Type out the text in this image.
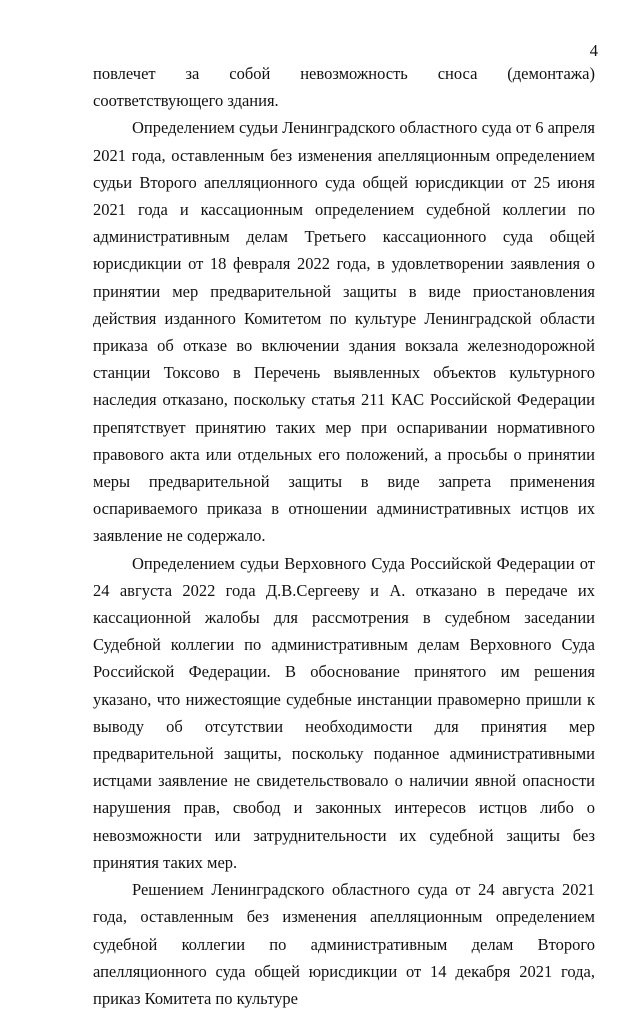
4

повлечет за собой невозможность сноса (демонтажа) соответствующего здания.

Определением судьи Ленинградского областного суда от 6 апреля 2021 года, оставленным без изменения апелляционным определением судьи Второго апелляционного суда общей юрисдикции от 25 июня 2021 года и кассационным определением судебной коллегии по административным делам Третьего кассационного суда общей юрисдикции от 18 февраля 2022 года, в удовлетворении заявления о принятии мер предварительной защиты в виде приостановления действия изданного Комитетом по культуре Ленинградской области приказа об отказе во включении здания вокзала железнодорожной станции Токсово в Перечень выявленных объектов культурного наследия отказано, поскольку статья 211 КАС Российской Федерации препятствует принятию таких мер при оспаривании нормативного правового акта или отдельных его положений, а просьбы о принятии меры предварительной защиты в виде запрета применения оспариваемого приказа в отношении административных истцов их заявление не содержало.

Определением судьи Верховного Суда Российской Федерации от 24 августа 2022 года Д.В.Сергееву и А. отказано в передаче их кассационной жалобы для рассмотрения в судебном заседании Судебной коллегии по административным делам Верховного Суда Российской Федерации. В обоснование принятого им решения указано, что нижестоящие судебные инстанции правомерно пришли к выводу об отсутствии необходимости для принятия мер предварительной защиты, поскольку поданное административными истцами заявление не свидетельствовало о наличии явной опасности нарушения прав, свобод и законных интересов истцов либо о невозможности или затруднительности их судебной защиты без принятия таких мер.

Решением Ленинградского областного суда от 24 августа 2021 года, оставленным без изменения апелляционным определением судебной коллегии по административным делам Второго апелляционного суда общей юрисдикции от 14 декабря 2021 года, приказ Комитета по культуре
